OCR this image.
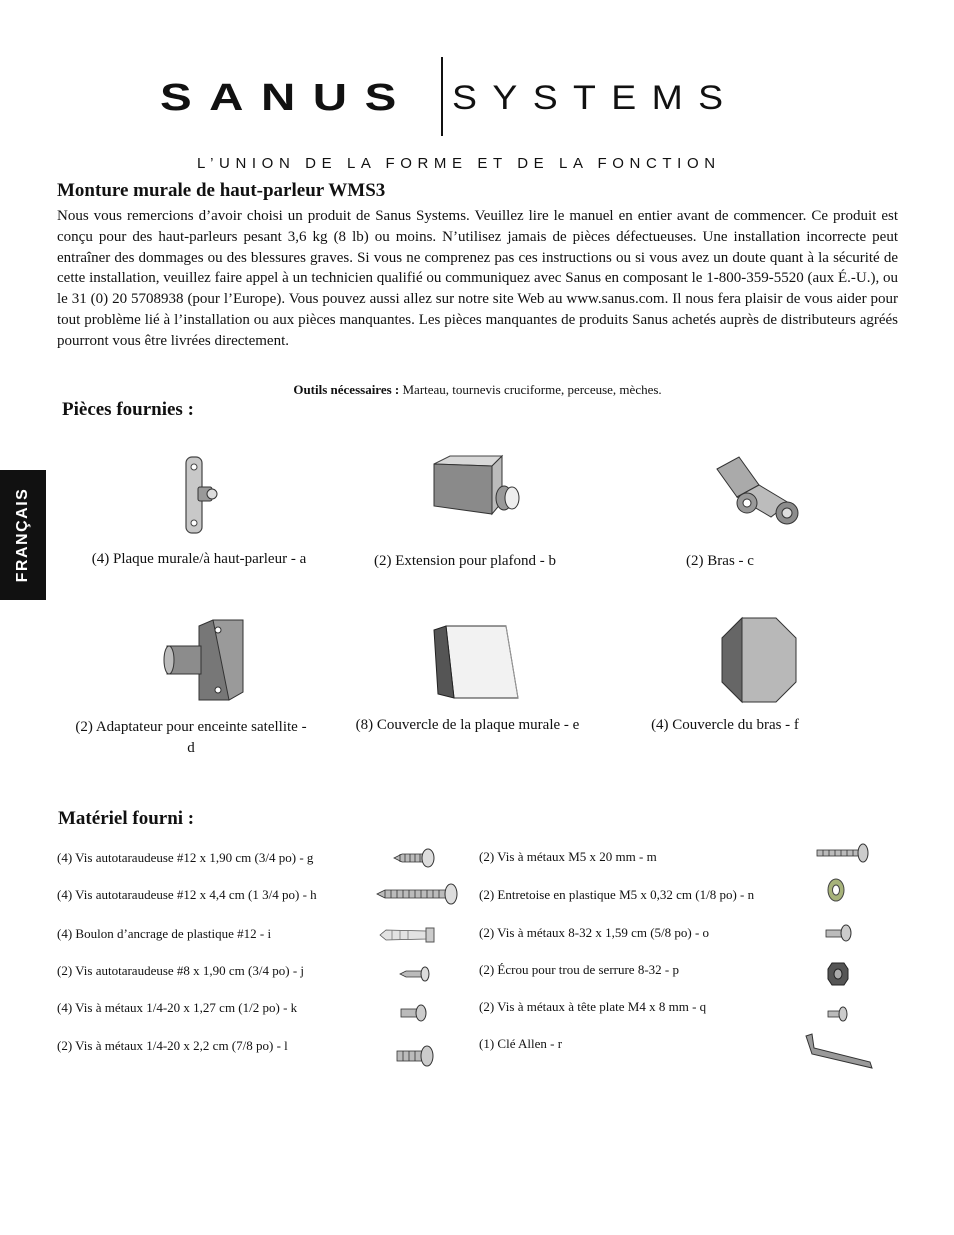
SANUS SYSTEMS
L’UNION DE LA FORME ET DE LA FONCTION
Monture murale de haut-parleur WMS3
Nous vous remercions d’avoir choisi un produit de Sanus Systems. Veuillez lire le manuel en entier avant de commencer. Ce produit est conçu pour des haut-parleurs pesant 3,6 kg (8 lb) ou moins. N’utilisez jamais de pièces défectueuses. Une installation incorrecte peut entraîner des dommages ou des blessures graves. Si vous ne comprenez pas ces instructions ou si vous avez un doute quant à la sécurité de cette installation, veuillez faire appel à un technicien qualifié ou communiquez avec Sanus en composant le 1-800-359-5520 (aux É.-U.), ou le 31 (0) 20 5708938 (pour l’Europe). Vous pouvez aussi allez sur notre site Web au www.sanus.com. Il nous fera plaisir de vous aider pour tout problème lié à l’installation ou aux pièces manquantes. Les pièces manquantes de produits Sanus achetés auprès de distributeurs agréés pourront vous être livrées directement.
Outils nécessaires : Marteau, tournevis cruciforme, perceuse, mèches.
FRANÇAIS
Pièces fournies :
(4) Plaque murale/à haut-parleur - a	(2) Extension pour plafond - b	(2) Bras - c
(2) Adaptateur pour enceinte satellite - d
(8) Couvercle de la plaque murale - e	(4) Couvercle du bras - f
Matériel fourni :
(4) Vis autotaraudeuse #12 x 1,90 cm (3/4 po) - g
(4) Vis autotaraudeuse #12 x 4,4 cm (1 3/4 po) - h
(4) Boulon d’ancrage de plastique #12 - i
(2) Vis autotaraudeuse #8 x 1,90 cm (3/4 po) - j
(4) Vis à métaux 1/4-20 x 1,27 cm (1/2 po) - k
(2) Vis à métaux 1/4-20 x 2,2 cm (7/8 po) - l
(2) Vis à métaux M5 x 20 mm - m
(2) Entretoise en plastique M5 x 0,32 cm (1/8 po) - n
(2) Vis à métaux 8-32 x 1,59 cm (5/8 po) - o
(2) Écrou pour trou de serrure 8-32 - p
(2) Vis à métaux à tête plate M4 x 8 mm - q
(1) Clé Allen - r
